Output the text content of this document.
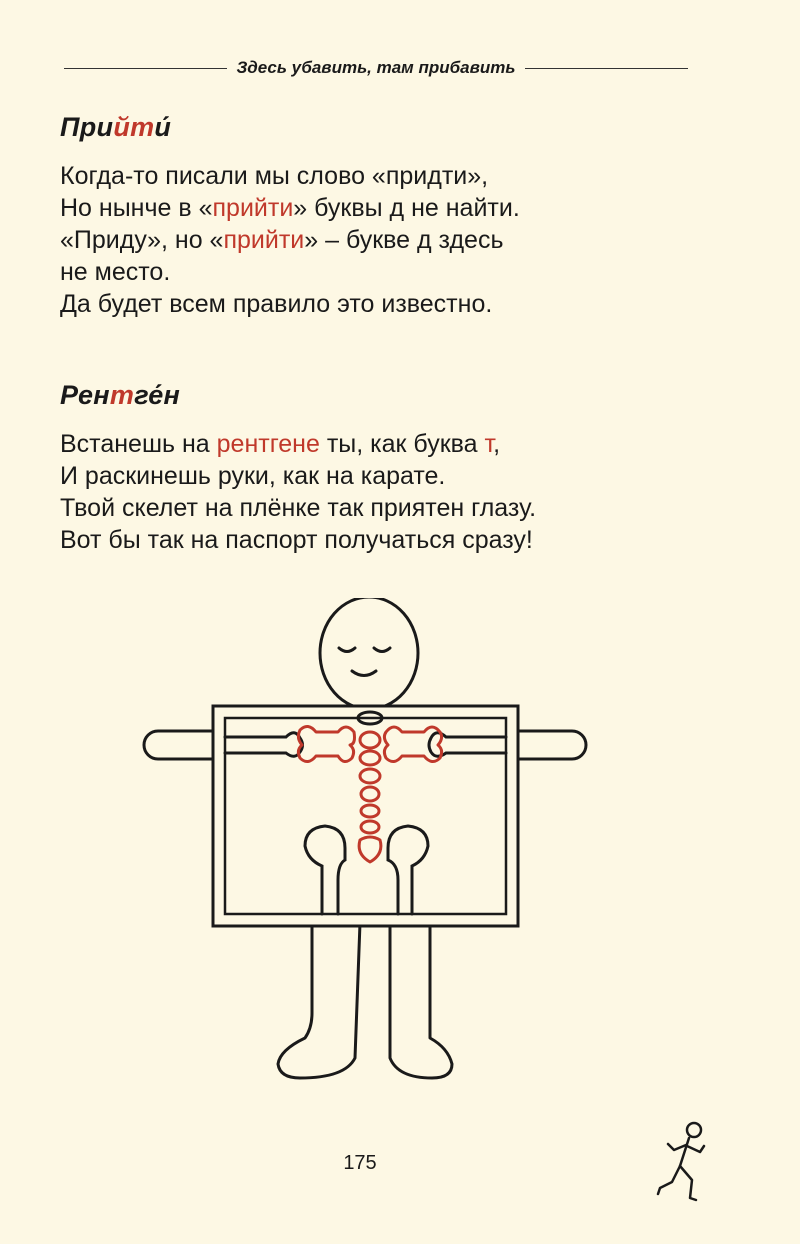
Здесь убавить, там прибавить
Прийти́
Когда-то писали мы слово «придти»,
Но нынче в «прийти» буквы д не найти.
«Приду», но «прийти» – букве д здесь
не место.
Да будет всем правило это известно.
Рентге́н
Встанешь на рентгене ты, как буква т,
И раскинешь руки, как на карате.
Твой скелет на плёнке так приятен глазу.
Вот бы так на паспорт получаться сразу!
175
